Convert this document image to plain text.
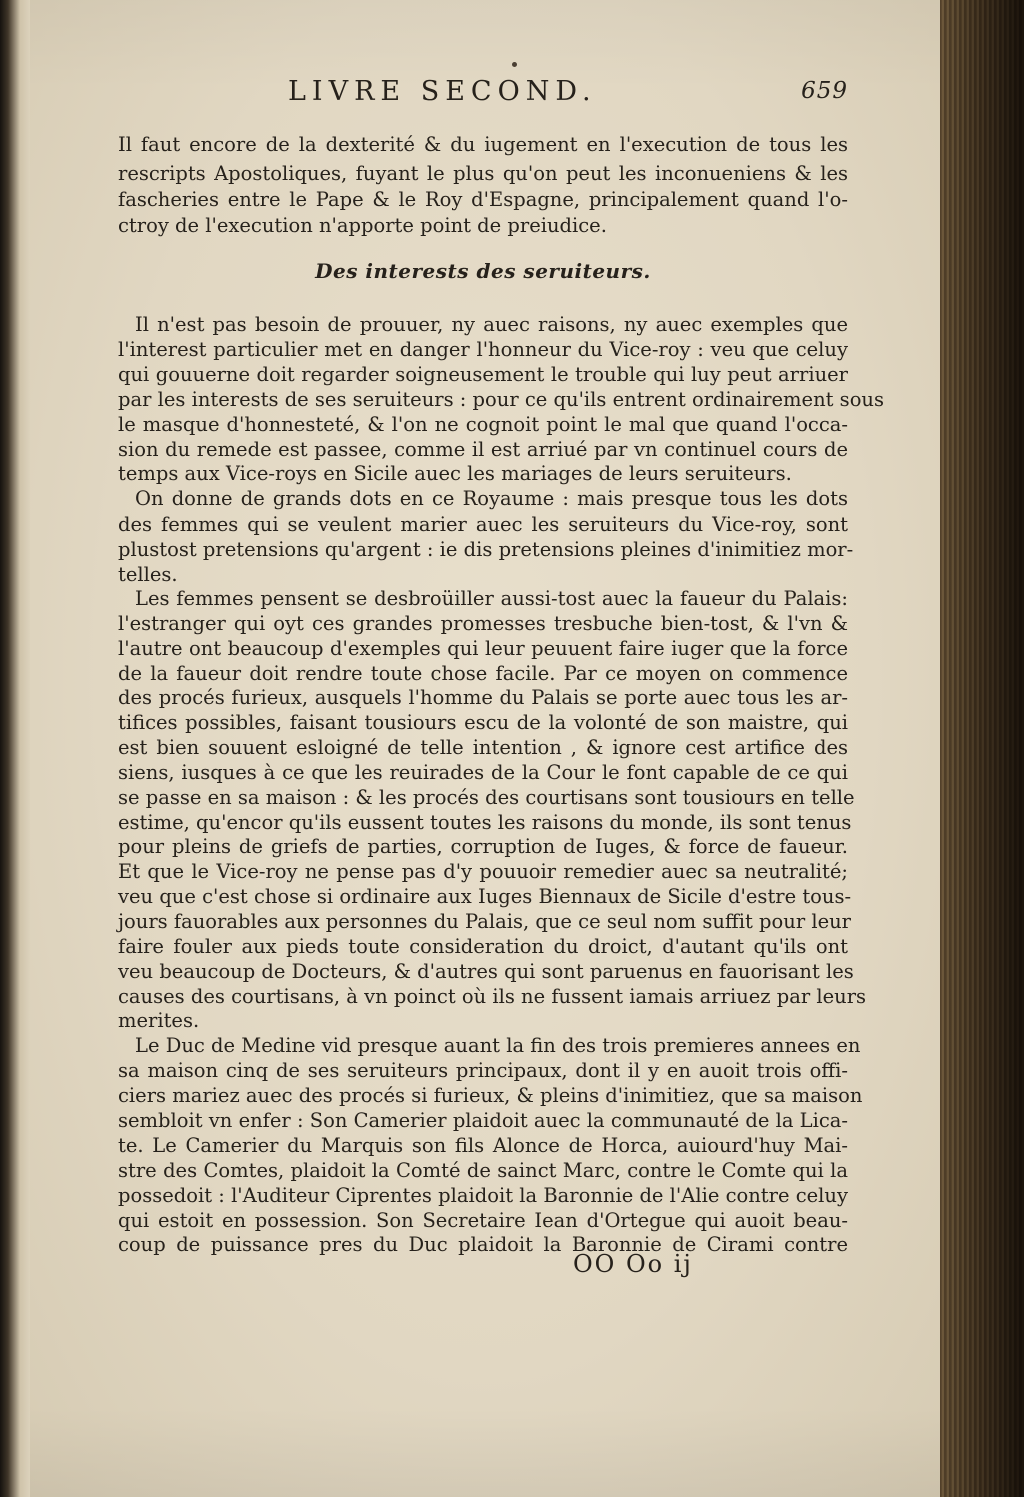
LIVRE SECOND.	659
Il faut encore de la dexterité & du iugement en l'execution de tous les
rescripts Apostoliques, fuyant le plus qu'on peut les inconueniens & les
fascheries entre le Pape & le Roy d'Espagne, principalement quand l'o-
ctroy de l'execution n'apporte point de preiudice.
Des interests des seruiteurs.
Il n'est pas besoin de prouuer, ny auec raisons, ny auec exemples que
l'interest particulier met en danger l'honneur du Vice-roy : veu que celuy
qui gouuerne doit regarder soigneusement le trouble qui luy peut arriuer
par les interests de ses seruiteurs : pour ce qu'ils entrent ordinairement sous
le masque d'honnesteté, & l'on ne cognoit point le mal que quand l'occa-
sion du remede est passee, comme il est arriué par vn continuel cours de
temps aux Vice-roys en Sicile auec les mariages de leurs seruiteurs.
On donne de grands dots en ce Royaume : mais presque tous les dots
des femmes qui se veulent marier auec les seruiteurs du Vice-roy, sont
plustost pretensions qu'argent : ie dis pretensions pleines d'inimitiez mor-
telles.
Les femmes pensent se desbroüiller aussi-tost auec la faueur du Palais:
l'estranger qui oyt ces grandes promesses tresbuche bien-tost, & l'vn &
l'autre ont beaucoup d'exemples qui leur peuuent faire iuger que la force
de la faueur doit rendre toute chose facile. Par ce moyen on commence
des procés furieux, ausquels l'homme du Palais se porte auec tous les ar-
tifices possibles, faisant tousiours escu de la volonté de son maistre, qui
est bien souuent esloigné de telle intention , & ignore cest artifice des
siens, iusques à ce que les reuirades de la Cour le font capable de ce qui
se passe en sa maison : & les procés des courtisans sont tousiours en telle
estime, qu'encor qu'ils eussent toutes les raisons du monde, ils sont tenus
pour pleins de griefs de parties, corruption de Iuges, & force de faueur.
Et que le Vice-roy ne pense pas d'y pouuoir remedier auec sa neutralité;
veu que c'est chose si ordinaire aux Iuges Biennaux de Sicile d'estre tous-
jours fauorables aux personnes du Palais, que ce seul nom suffit pour leur
faire fouler aux pieds toute consideration du droict, d'autant qu'ils ont
veu beaucoup de Docteurs, & d'autres qui sont paruenus en fauorisant les
causes des courtisans, à vn poinct où ils ne fussent iamais arriuez par leurs
merites.
Le Duc de Medine vid presque auant la fin des trois premieres annees en
sa maison cinq de ses seruiteurs principaux, dont il y en auoit trois offi-
ciers mariez auec des procés si furieux, & pleins d'inimitiez, que sa maison
sembloit vn enfer : Son Camerier plaidoit auec la communauté de la Lica-
te. Le Camerier du Marquis son fils Alonce de Horca, auiourd'huy Mai-
stre des Comtes, plaidoit la Comté de sainct Marc, contre le Comte qui la
possedoit : l'Auditeur Ciprentes plaidoit la Baronnie de l'Alie contre celuy
qui estoit en possession. Son Secretaire Iean d'Ortegue qui auoit beau-
coup de puissance pres du Duc plaidoit la Baronnie de Cirami contre
OO Oo ij
